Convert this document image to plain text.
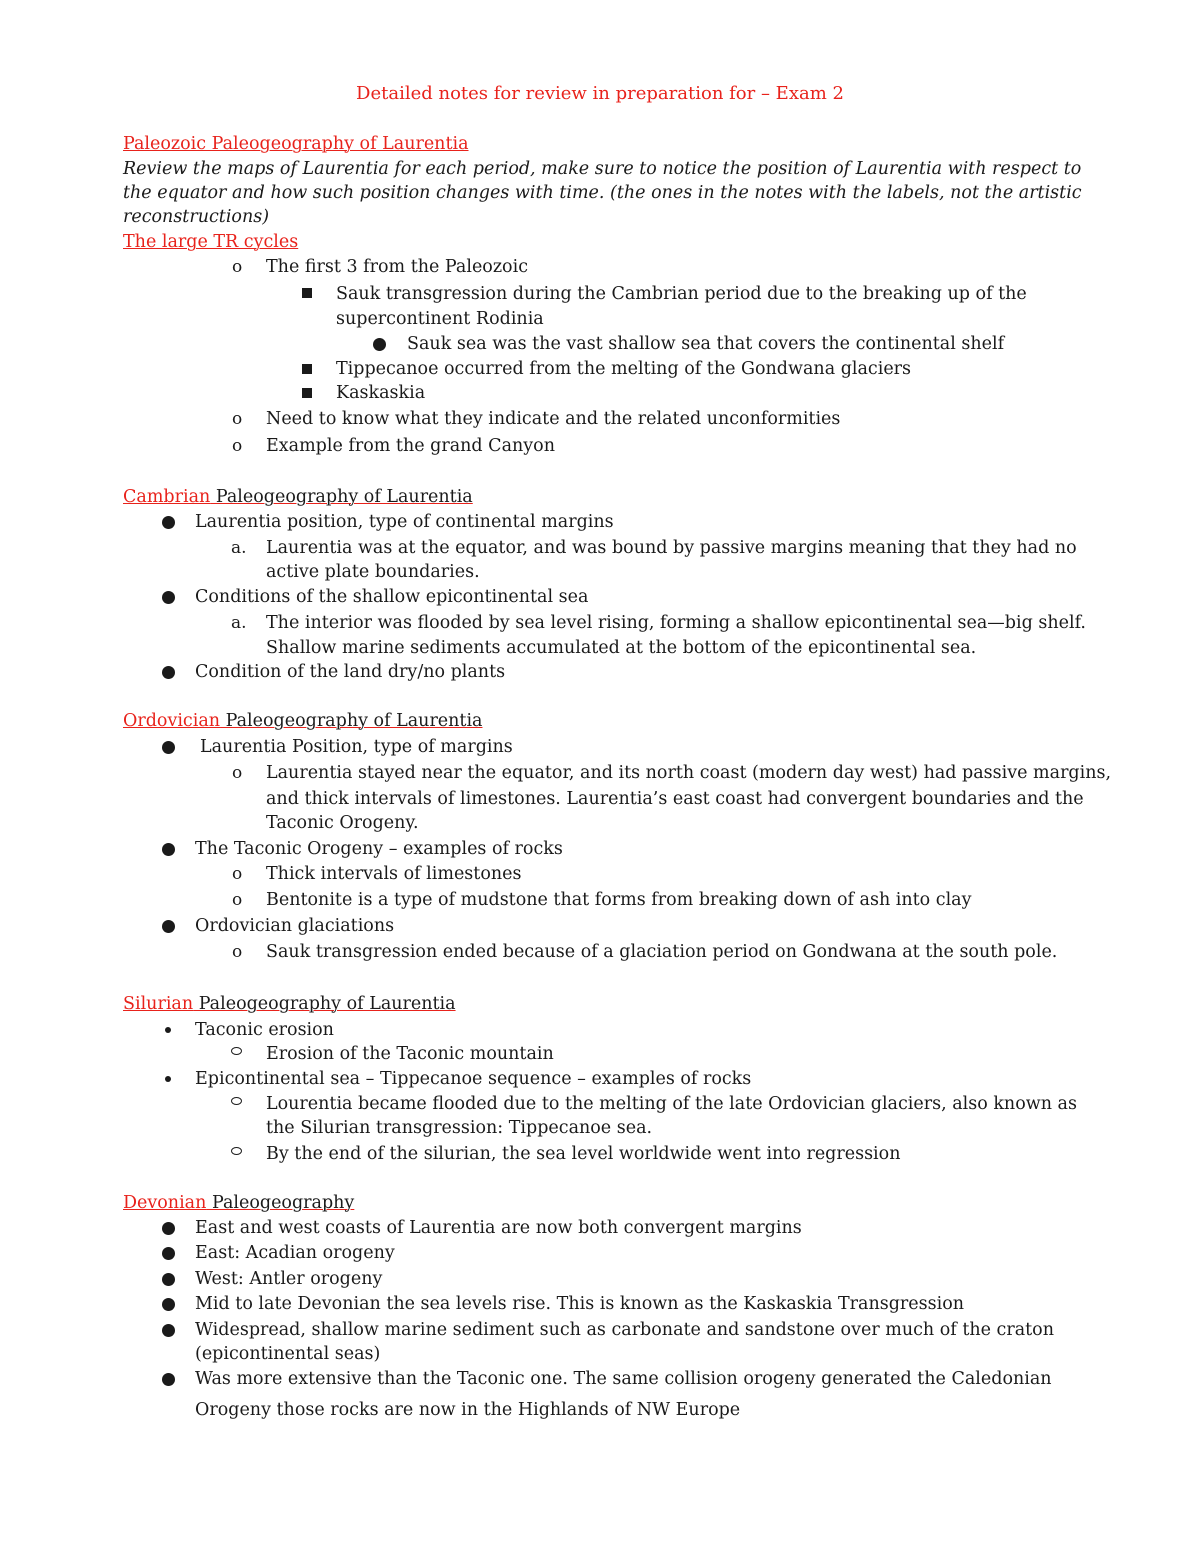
Detailed notes for review in preparation for – Exam 2
Paleozoic Paleogeography of Laurentia
Review the maps of Laurentia for each period, make sure to notice the position of Laurentia with respect to
the equator and how such position changes with time. (the ones in the notes with the labels, not the artistic
reconstructions)
The large TR cycles
o The first 3 from the Paleozoic
Sauk transgression during the Cambrian period due to the breaking up of the
supercontinent Rodinia
Sauk sea was the vast shallow sea that covers the continental shelf
Tippecanoe occurred from the melting of the Gondwana glaciers
Kaskaskia
o Need to know what they indicate and the related unconformities
o Example from the grand Canyon
Cambrian Paleogeography of Laurentia
Laurentia position, type of continental margins
a. Laurentia was at the equator, and was bound by passive margins meaning that they had no
active plate boundaries.
Conditions of the shallow epicontinental sea
a. The interior was flooded by sea level rising, forming a shallow epicontinental sea—big shelf.
Shallow marine sediments accumulated at the bottom of the epicontinental sea.
Condition of the land dry/no plants
Ordovician Paleogeography of Laurentia
Laurentia Position, type of margins
o Laurentia stayed near the equator, and its north coast (modern day west) had passive margins,
and thick intervals of limestones. Laurentia’s east coast had convergent boundaries and the
Taconic Orogeny.
The Taconic Orogeny – examples of rocks
o Thick intervals of limestones
o Bentonite is a type of mudstone that forms from breaking down of ash into clay
Ordovician glaciations
o Sauk transgression ended because of a glaciation period on Gondwana at the south pole.
Silurian Paleogeography of Laurentia
Taconic erosion
Erosion of the Taconic mountain
Epicontinental sea – Tippecanoe sequence – examples of rocks
Lourentia became flooded due to the melting of the late Ordovician glaciers, also known as
the Silurian transgression: Tippecanoe sea.
By the end of the silurian, the sea level worldwide went into regression
Devonian Paleogeography
East and west coasts of Laurentia are now both convergent margins
East: Acadian orogeny
West: Antler orogeny
Mid to late Devonian the sea levels rise. This is known as the Kaskaskia Transgression
Widespread, shallow marine sediment such as carbonate and sandstone over much of the craton
(epicontinental seas)
Was more extensive than the Taconic one. The same collision orogeny generated the Caledonian
Orogeny those rocks are now in the Highlands of NW Europe
